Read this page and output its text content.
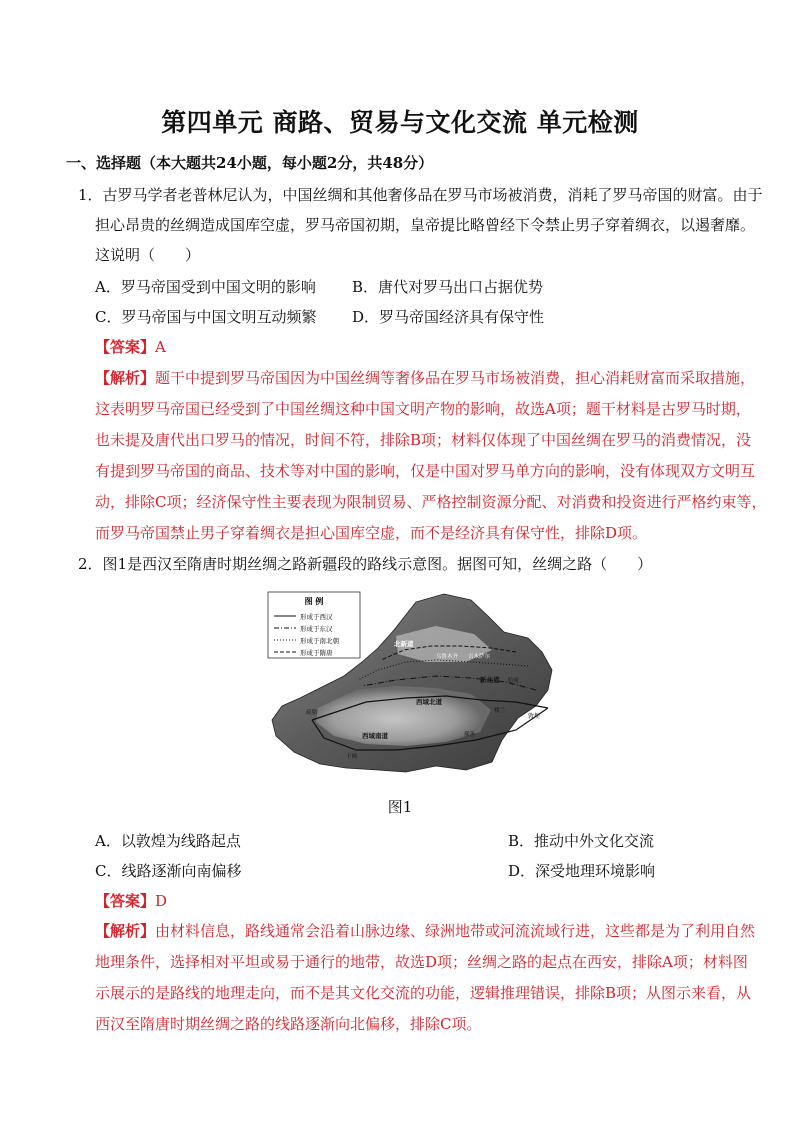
第四单元 商路、贸易与文化交流 单元检测
一、选择题（本大题共24小题，每小题2分，共48分）
1．古罗马学者老普林尼认为，中国丝绸和其他奢侈品在罗马市场被消费，消耗了罗马帝国的财富。由于
担心昂贵的丝绸造成国库空虚，罗马帝国初期，皇帝提比略曾经下令禁止男子穿着绸衣，以遏奢靡。
这说明（　　）
A．罗马帝国受到中国文明的影响 B．唐代对罗马出口占据优势
C．罗马帝国与中国文明互动频繁 D．罗马帝国经济具有保守性
【答案】A
【解析】题干中提到罗马帝国因为中国丝绸等奢侈品在罗马市场被消费，担心消耗财富而采取措施，
这表明罗马帝国已经受到了中国丝绸这种中国文明产物的影响，故选A项；题干材料是古罗马时期，
也未提及唐代出口罗马的情况，时间不符，排除B项；材料仅体现了中国丝绸在罗马的消费情况，没
有提到罗马帝国的商品、技术等对中国的影响，仅是中国对罗马单方向的影响，没有体现双方文明互
动，排除C项；经济保守性主要表现为限制贸易、严格控制资源分配、对消费和投资进行严格约束等，
而罗马帝国禁止男子穿着绸衣是担心国库空虚，而不是经济具有保守性，排除D项。
2．图1是西汉至隋唐时期丝绸之路新疆段的路线示意图。据图可知，丝绸之路（　　）
图 例
形成于西汉
形成于东汉
形成于南北朝
形成于隋唐
北新道
新北道
西域北道
西域南道
敦煌
吉木萨尔
乌鲁木齐
哈密
疏勒
于阗
鄯善
楼兰
图1
A．以敦煌为线路起点	B．推动中外文化交流
C．线路逐渐向南偏移	D．深受地理环境影响
【答案】D
【解析】由材料信息，路线通常会沿着山脉边缘、绿洲地带或河流流域行进，这些都是为了利用自然
地理条件，选择相对平坦或易于通行的地带，故选D项；丝绸之路的起点在西安，排除A项；材料图
示展示的是路线的地理走向，而不是其文化交流的功能，逻辑推理错误，排除B项；从图示来看，从
西汉至隋唐时期丝绸之路的线路逐渐向北偏移，排除C项。
